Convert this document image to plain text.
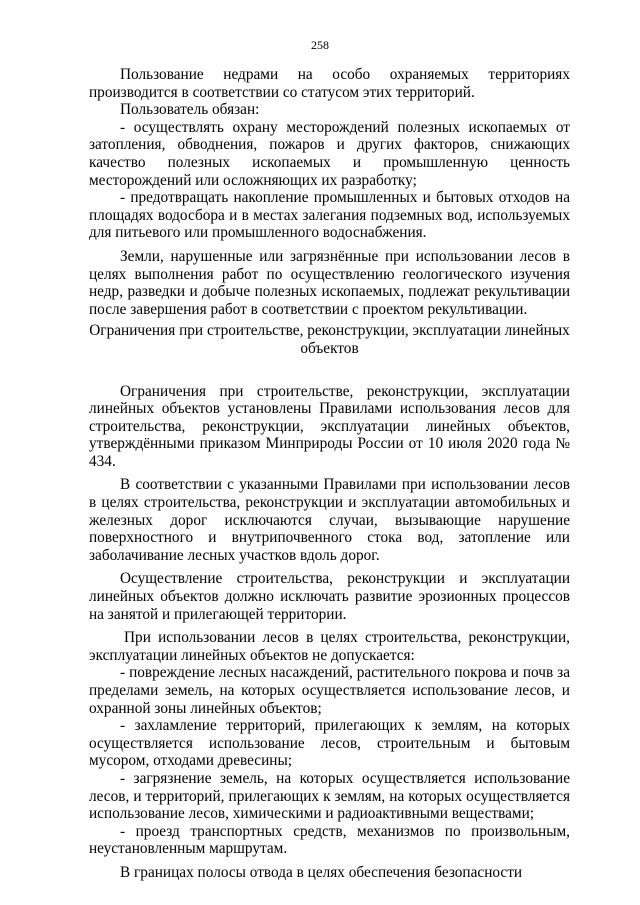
258

Пользование недрами на особо охраняемых территориях производится в соответствии со статусом этих территорий.

Пользователь обязан:

- осуществлять охрану месторождений полезных ископаемых от затопления, обводнения, пожаров и других факторов, снижающих качество полезных ископаемых и промышленную ценность месторождений или осложняющих их разработку;

- предотвращать накопление промышленных и бытовых отходов на площадях водосбора и в местах залегания подземных вод, используемых для питьевого или промышленного водоснабжения.

Земли, нарушенные или загрязнённые при использовании лесов в целях выполнения работ по осуществлению геологического изучения недр, разведки и добыче полезных ископаемых, подлежат рекультивации после завершения работ в соответствии с проектом рекультивации.

Ограничения при строительстве, реконструкции, эксплуатации линейных объектов

Ограничения при строительстве, реконструкции, эксплуатации линейных объектов установлены Правилами использования лесов для строительства, реконструкции, эксплуатации линейных объектов, утверждёнными приказом Минприроды России от 10 июля 2020 года № 434.

В соответствии с указанными Правилами при использовании лесов в целях строительства, реконструкции и эксплуатации автомобильных и железных дорог исключаются случаи, вызывающие нарушение поверхностного и внутрипочвенного стока вод, затопление или заболачивание лесных участков вдоль дорог.

Осуществление строительства, реконструкции и эксплуатации линейных объектов должно исключать развитие эрозионных процессов на занятой и прилегающей территории.

При использовании лесов в целях строительства, реконструкции, эксплуатации линейных объектов не допускается:

- повреждение лесных насаждений, растительного покрова и почв за пределами земель, на которых осуществляется использование лесов, и охранной зоны линейных объектов;

- захламление территорий, прилегающих к землям, на которых осуществляется использование лесов, строительным и бытовым мусором, отходами древесины;

- загрязнение земель, на которых осуществляется использование лесов, и территорий, прилегающих к землям, на которых осуществляется использование лесов, химическими и радиоактивными веществами;

- проезд транспортных средств, механизмов по произвольным, неустановленным маршрутам.

В границах полосы отвода в целях обеспечения безопасности
